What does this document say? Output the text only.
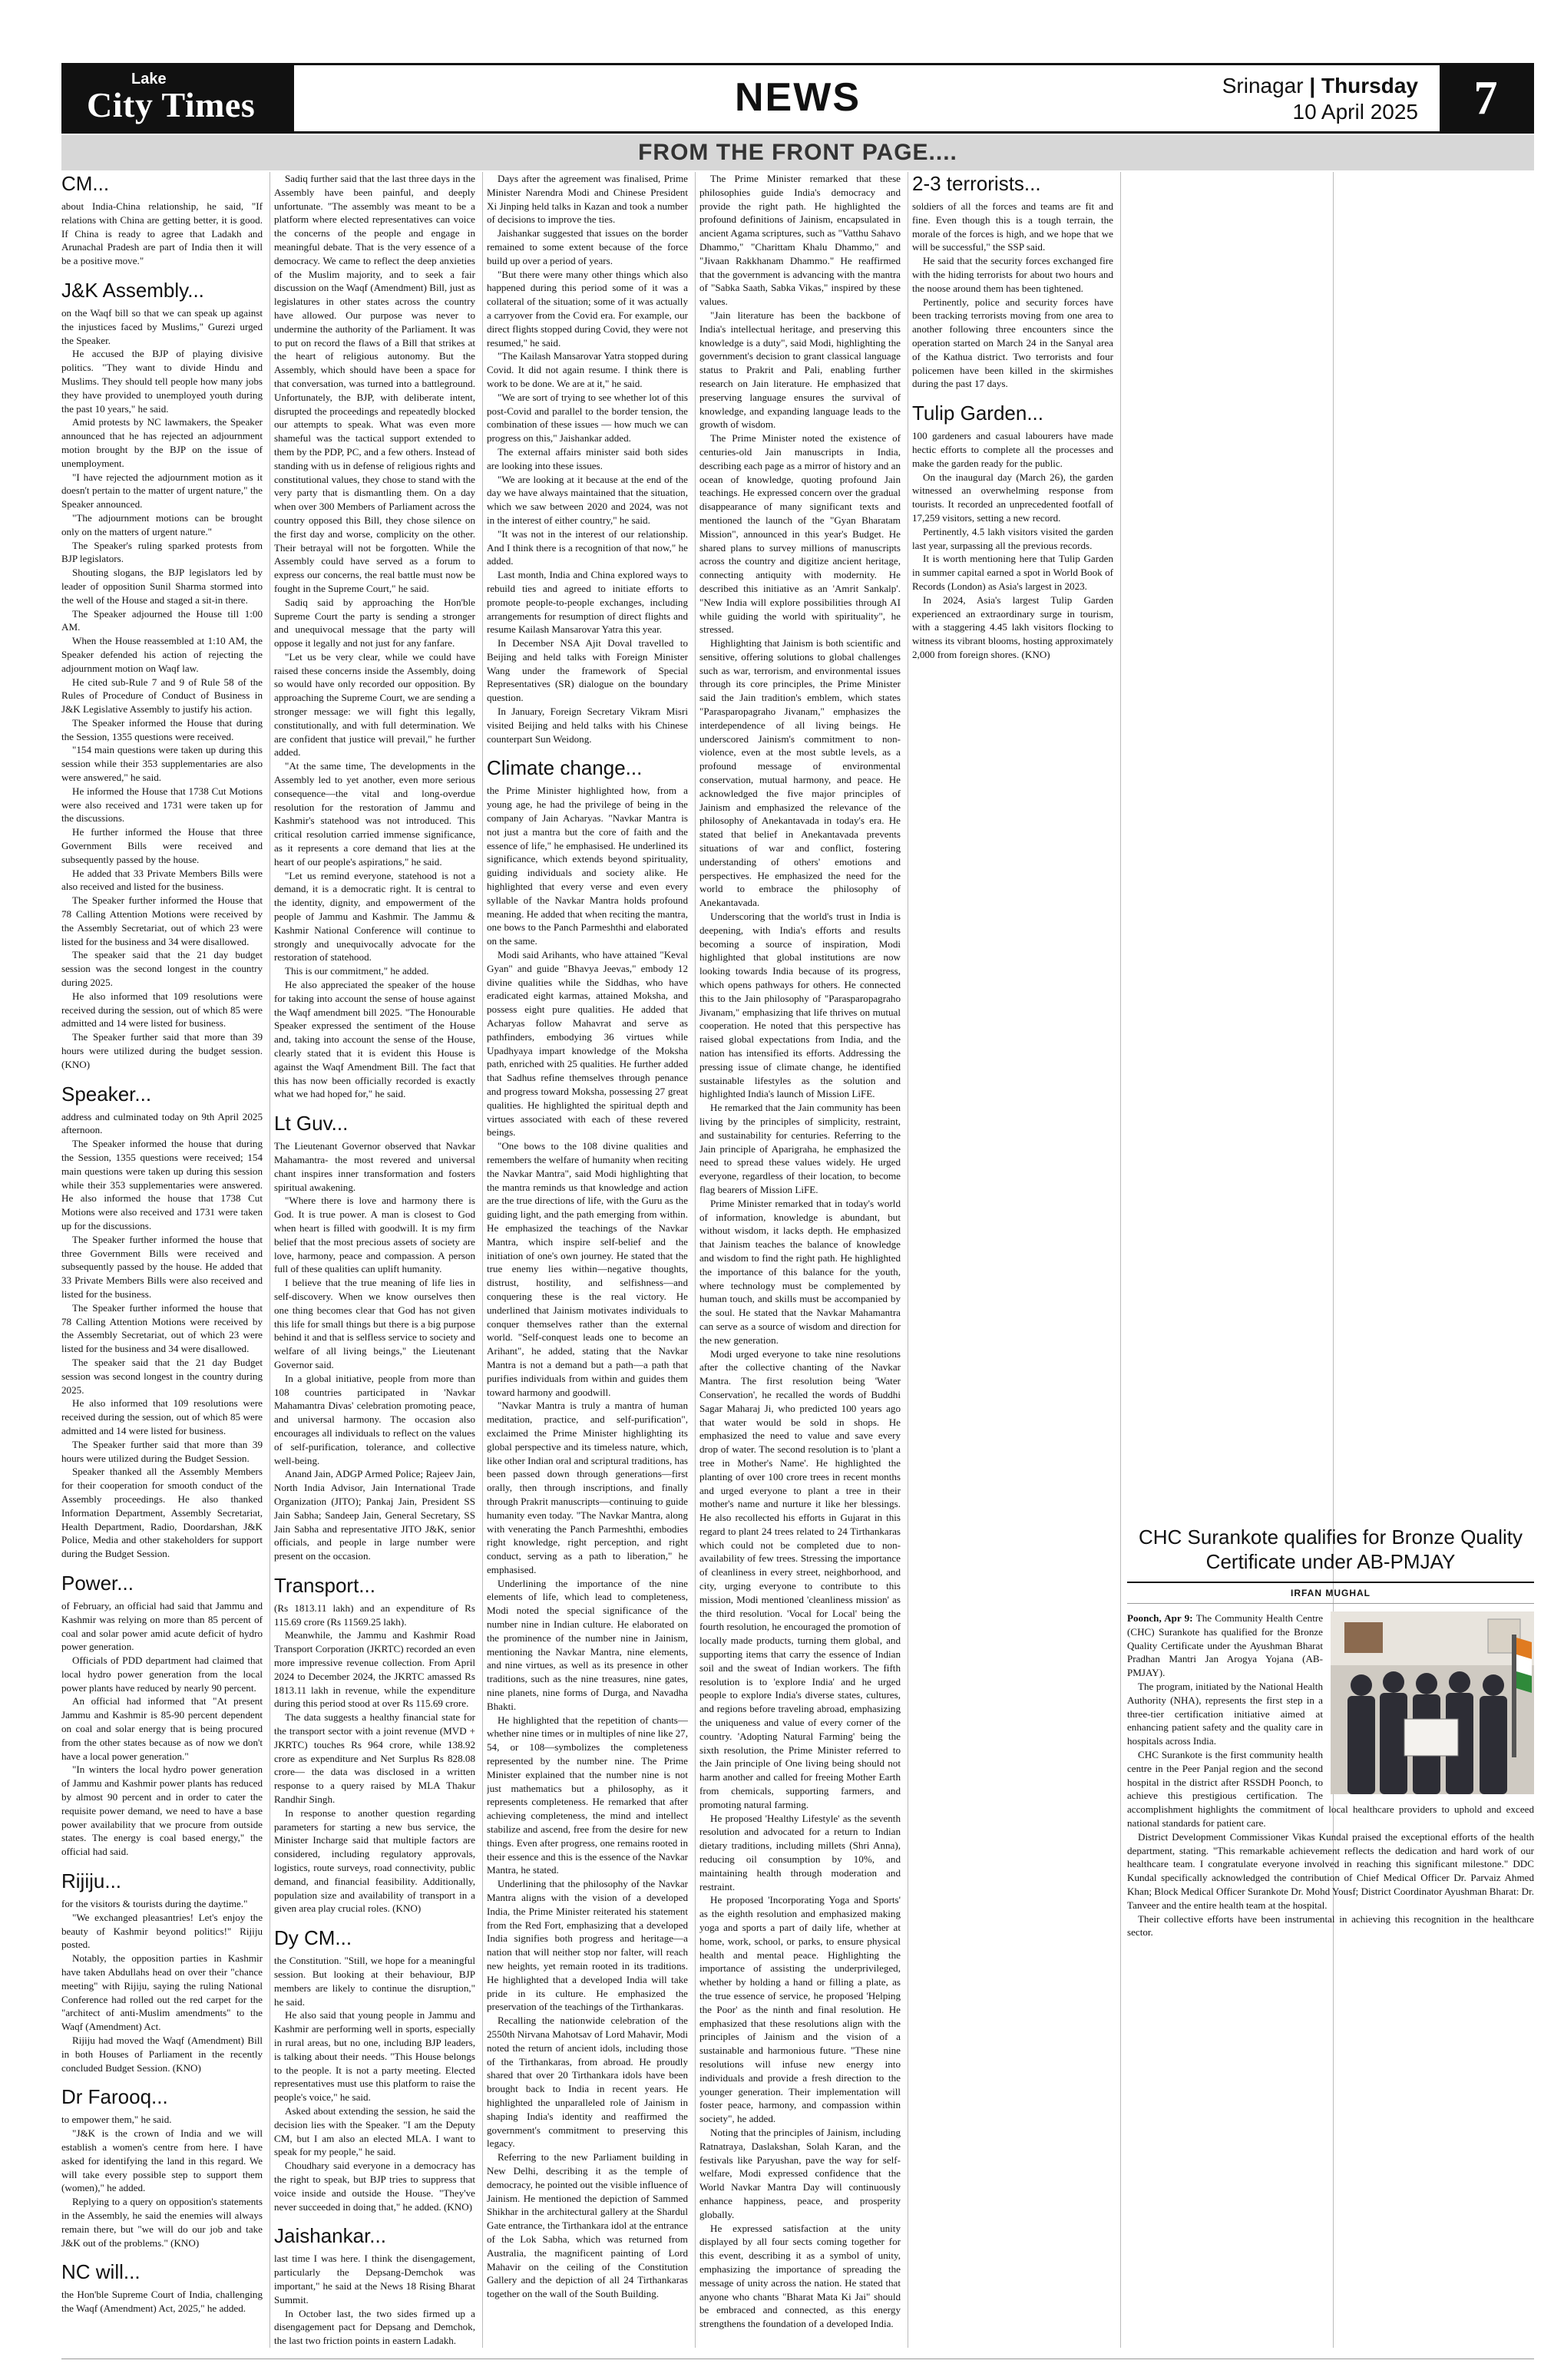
Lake
City Times	NEWS	Srinagar | Thursday
10 April 2025	7
FROM THE FRONT PAGE....
CM...

about India-China relationship, he said, "If relations with China are getting better, it is good. If China is ready to agree that Ladakh and Arunachal Pradesh are part of India then it will be a positive move."

J&K Assembly...

on the Waqf bill so that we can speak up against the injustices faced by Muslims," Gurezi urged the Speaker.

He accused the BJP of playing divisive politics. "They want to divide Hindu and Muslims. They should tell people how many jobs they have provided to unemployed youth during the past 10 years," he said.

Amid protests by NC lawmakers, the Speaker announced that he has rejected an adjournment motion brought by the BJP on the issue of unemployment.

"I have rejected the adjournment motion as it doesn't pertain to the matter of urgent nature," the Speaker announced.

"The adjournment motions can be brought only on the matters of urgent nature."

The Speaker's ruling sparked protests from BJP legislators.

Shouting slogans, the BJP legislators led by leader of opposition Sunil Sharma stormed into the well of the House and staged a sit-in there.

The Speaker adjourned the House till 1:00 AM.

When the House reassembled at 1:10 AM, the Speaker defended his action of rejecting the adjournment motion on Waqf law.

He cited sub-Rule 7 and 9 of Rule 58 of the Rules of Procedure of Conduct of Business in J&K Legislative Assembly to justify his action.

The Speaker informed the House that during the Session, 1355 questions were received.

"154 main questions were taken up during this session while their 353 supplementaries are also were answered," he said.

He informed the House that 1738 Cut Motions were also received and 1731 were taken up for the discussions.

He further informed the House that three Government Bills were received and subsequently passed by the house.

He added that 33 Private Members Bills were also received and listed for the business.

The Speaker further informed the House that 78 Calling Attention Motions were received by the Assembly Secretariat, out of which 23 were listed for the business and 34 were disallowed.

The speaker said that the 21 day budget session was the second longest in the country during 2025.

He also informed that 109 resolutions were received during the session, out of which 85 were admitted and 14 were listed for business.

The Speaker further said that more than 39 hours were utilized during the budget session. (KNO)

Speaker...

address and culminated today on 9th April 2025 afternoon.

The Speaker informed the house that during the Session, 1355 questions were received; 154 main questions were taken up during this session while their 353 supplementaries were answered. He also informed the house that 1738 Cut Motions were also received and 1731 were taken up for the discussions.

The Speaker further informed the house that three Government Bills were received and subsequently passed by the house. He added that 33 Private Members Bills were also received and listed for the business.

The Speaker further informed the house that 78 Calling Attention Motions were received by the Assembly Secretariat, out of which 23 were listed for the business and 34 were disallowed.

The speaker said that the 21 day Budget session was second longest in the country during 2025.

He also informed that 109 resolutions were received during the session, out of which 85 were admitted and 14 were listed for business.

The Speaker further said that more than 39 hours were utilized during the Budget Session.

Speaker thanked all the Assembly Members for their cooperation for smooth conduct of the Assembly proceedings. He also thanked Information Department, Assembly Secretariat, Health Department, Radio, Doordarshan, J&K Police, Media and other stakeholders for support during the Budget Session.

Power...

of February, an official had said that Jammu and Kashmir was relying on more than 85 percent of coal and solar power amid acute deficit of hydro power generation.

Officials of PDD department had claimed that local hydro power generation from the local power plants have reduced by nearly 90 percent.

An official had informed that "At present Jammu and Kashmir is 85-90 percent dependent on coal and solar energy that is being procured from the other states because as of now we don't have a local power generation."

"In winters the local hydro power generation of Jammu and Kashmir power plants has reduced by almost 90 percent and in order to cater the requisite power demand, we need to have a base power availability that we procure from outside states. The energy is coal based energy," the official had said.

Rijiju...

for the visitors & tourists during the daytime."

"We exchanged pleasantries! Let's enjoy the beauty of Kashmir beyond politics!" Rijiju posted.

Notably, the opposition parties in Kashmir have taken Abdullahs head on over their "chance meeting" with Rijiju, saying the ruling National Conference had rolled out the red carpet for the "architect of anti-Muslim amendments" to the Waqf (Amendment) Act.

Rijiju had moved the Waqf (Amendment) Bill in both Houses of Parliament in the recently concluded Budget Session. (KNO)

Dr Farooq...

to empower them," he said.

"J&K is the crown of India and we will establish a women's centre from here. I have asked for identifying the land in this regard. We will take every possible step to support them (women)," he added.

Replying to a query on opposition's statements in the Assembly, he said the enemies will always remain there, but "we will do our job and take J&K out of the problems." (KNO)

NC will...

the Hon'ble Supreme Court of India, challenging the Waqf (Amendment) Act, 2025," he added.

Sadiq further said that the last three days in the Assembly have been painful, and deeply unfortunate. "The assembly was meant to be a platform where elected representatives can voice the concerns of the people and engage in meaningful debate. That is the very essence of a democracy. We came to reflect the deep anxieties of the Muslim majority, and to seek a fair discussion on the Waqf (Amendment) Bill, just as legislatures in other states across the country have allowed. Our purpose was never to undermine the authority of the Parliament. It was to put on record the flaws of a Bill that strikes at the heart of religious autonomy. But the Assembly, which should have been a space for that conversation, was turned into a battleground. Unfortunately, the BJP, with deliberate intent, disrupted the proceedings and repeatedly blocked our attempts to speak. What was even more shameful was the tactical support extended to them by the PDP, PC, and a few others. Instead of standing with us in defense of religious rights and constitutional values, they chose to stand with the very party that is dismantling them. On a day when over 300 Members of Parliament across the country opposed this Bill, they chose silence on the first day and worse, complicity on the other. Their betrayal will not be forgotten. While the Assembly could have served as a forum to express our concerns, the real battle must now be fought in the Supreme Court," he said.

Sadiq said by approaching the Hon'ble Supreme Court the party is sending a stronger and unequivocal message that the party will oppose it legally and not just for any fanfare.

"Let us be very clear, while we could have raised these concerns inside the Assembly, doing so would have only recorded our opposition. By approaching the Supreme Court, we are sending a stronger message: we will fight this legally, constitutionally, and with full determination. We are confident that justice will prevail," he further added.

"At the same time, The developments in the Assembly led to yet another, even more serious consequence—the vital and long-overdue resolution for the restoration of Jammu and Kashmir's statehood was not introduced. This critical resolution carried immense significance, as it represents a core demand that lies at the heart of our people's aspirations," he said.

"Let us remind everyone, statehood is not a demand, it is a democratic right. It is central to the identity, dignity, and empowerment of the people of Jammu and Kashmir. The Jammu & Kashmir National Conference will continue to strongly and unequivocally advocate for the restoration of statehood.

This is our commitment," he added.

He also appreciated the speaker of the house for taking into account the sense of house against the Waqf amendment bill 2025. "The Honourable Speaker expressed the sentiment of the House and, taking into account the sense of the House, clearly stated that it is evident this House is against the Waqf Amendment Bill. The fact that this has now been officially recorded is exactly what we had hoped for," he said.

Lt Guv...

The Lieutenant Governor observed that Navkar Mahamantra- the most revered and universal chant inspires inner transformation and fosters spiritual awakening.

"Where there is love and harmony there is God. It is true power. A man is closest to God when heart is filled with goodwill. It is my firm belief that the most precious assets of society are love, harmony, peace and compassion. A person full of these qualities can uplift humanity.

I believe that the true meaning of life lies in self-discovery. When we know ourselves then one thing becomes clear that God has not given this life for small things but there is a big purpose behind it and that is selfless service to society and welfare of all living beings," the Lieutenant Governor said.

In a global initiative, people from more than 108 countries participated in 'Navkar Mahamantra Divas' celebration promoting peace, and universal harmony. The occasion also encourages all individuals to reflect on the values of self-purification, tolerance, and collective well-being.

Anand Jain, ADGP Armed Police; Rajeev Jain, North India Advisor, Jain International Trade Organization (JITO); Pankaj Jain, President SS Jain Sabha; Sandeep Jain, General Secretary, SS Jain Sabha and representative JITO J&K, senior officials, and people in large number were present on the occasion.

Transport...

(Rs 1813.11 lakh) and an expenditure of Rs 115.69 crore (Rs 11569.25 lakh).

Meanwhile, the Jammu and Kashmir Road Transport Corporation (JKRTC) recorded an even more impressive revenue collection. From April 2024 to December 2024, the JKRTC amassed Rs 1813.11 lakh in revenue, while the expenditure during this period stood at over Rs 115.69 crore.

The data suggests a healthy financial state for the transport sector with a joint revenue (MVD + JKRTC) touches Rs 964 crore, while 138.92 crore as expenditure and Net Surplus Rs 828.08 crore— the data was disclosed in a written response to a query raised by MLA Thakur Randhir Singh.

In response to another question regarding parameters for starting a new bus service, the Minister Incharge said that multiple factors are considered, including regulatory approvals, logistics, route surveys, road connectivity, public demand, and financial feasibility. Additionally, population size and availability of transport in a given area play crucial roles. (KNO)

Dy CM...

the Constitution. "Still, we hope for a meaningful session. But looking at their behaviour, BJP members are likely to continue the disruption," he said.

He also said that young people in Jammu and Kashmir are performing well in sports, especially in rural areas, but no one, including BJP leaders, is talking about their needs. "This House belongs to the people. It is not a party meeting. Elected representatives must use this platform to raise the people's voice," he said.

Asked about extending the session, he said the decision lies with the Speaker. "I am the Deputy CM, but I am also an elected MLA. I want to speak for my people," he said.

Choudhary said everyone in a democracy has the right to speak, but BJP tries to suppress that voice inside and outside the House. "They've never succeeded in doing that," he added. (KNO)

Jaishankar...

last time I was here. I think the disengagement, particularly the Depsang-Demchok was important," he said at the News 18 Rising Bharat Summit.

In October last, the two sides firmed up a disengagement pact for Depsang and Demchok, the last two friction points in eastern Ladakh.

Days after the agreement was finalised, Prime Minister Narendra Modi and Chinese President Xi Jinping held talks in Kazan and took a number of decisions to improve the ties.

Jaishankar suggested that issues on the border remained to some extent because of the force build up over a period of years.

"But there were many other things which also happened during this period some of it was a collateral of the situation; some of it was actually a carryover from the Covid era. For example, our direct flights stopped during Covid, they were not resumed," he said.

"The Kailash Mansarovar Yatra stopped during Covid. It did not again resume. I think there is work to be done. We are at it," he said.

"We are sort of trying to see whether lot of this post-Covid and parallel to the border tension, the combination of these issues — how much we can progress on this," Jaishankar added.

The external affairs minister said both sides are looking into these issues.

"We are looking at it because at the end of the day we have always maintained that the situation, which we saw between 2020 and 2024, was not in the interest of either country," he said.

"It was not in the interest of our relationship. And I think there is a recognition of that now," he added.

Last month, India and China explored ways to rebuild ties and agreed to initiate efforts to promote people-to-people exchanges, including arrangements for resumption of direct flights and resume Kailash Mansarovar Yatra this year.

In December NSA Ajit Doval travelled to Beijing and held talks with Foreign Minister Wang under the framework of Special Representatives (SR) dialogue on the boundary question.

In January, Foreign Secretary Vikram Misri visited Beijing and held talks with his Chinese counterpart Sun Weidong.

Climate change...

the Prime Minister highlighted how, from a young age, he had the privilege of being in the company of Jain Acharyas. "Navkar Mantra is not just a mantra but the core of faith and the essence of life," he emphasised. He underlined its significance, which extends beyond spirituality, guiding individuals and society alike. He highlighted that every verse and even every syllable of the Navkar Mantra holds profound meaning. He added that when reciting the mantra, one bows to the Panch Parmeshthi and elaborated on the same.

Modi said Arihants, who have attained "Keval Gyan" and guide "Bhavya Jeevas," embody 12 divine qualities while the Siddhas, who have eradicated eight karmas, attained Moksha, and possess eight pure qualities. He added that Acharyas follow Mahavrat and serve as pathfinders, embodying 36 virtues while Upadhyaya impart knowledge of the Moksha path, enriched with 25 qualities. He further added that Sadhus refine themselves through penance and progress toward Moksha, possessing 27 great qualities. He highlighted the spiritual depth and virtues associated with each of these revered beings.

"One bows to the 108 divine qualities and remembers the welfare of humanity when reciting the Navkar Mantra", said Modi highlighting that the mantra reminds us that knowledge and action are the true directions of life, with the Guru as the guiding light, and the path emerging from within. He emphasized the teachings of the Navkar Mantra, which inspire self-belief and the initiation of one's own journey. He stated that the true enemy lies within—negative thoughts, distrust, hostility, and selfishness—and conquering these is the real victory. He underlined that Jainism motivates individuals to conquer themselves rather than the external world. "Self-conquest leads one to become an Arihant", he added, stating that the Navkar Mantra is not a demand but a path—a path that purifies individuals from within and guides them toward harmony and goodwill.

"Navkar Mantra is truly a mantra of human meditation, practice, and self-purification", exclaimed the Prime Minister highlighting its global perspective and its timeless nature, which, like other Indian oral and scriptural traditions, has been passed down through generations—first orally, then through inscriptions, and finally through Prakrit manuscripts—continuing to guide humanity even today. "The Navkar Mantra, along with venerating the Panch Parmeshthi, embodies right knowledge, right perception, and right conduct, serving as a path to liberation," he emphasised.

Underlining the importance of the nine elements of life, which lead to completeness, Modi noted the special significance of the number nine in Indian culture. He elaborated on the prominence of the number nine in Jainism, mentioning the Navkar Mantra, nine elements, and nine virtues, as well as its presence in other traditions, such as the nine treasures, nine gates, nine planets, nine forms of Durga, and Navadha Bhakti.

He highlighted that the repetition of chants—whether nine times or in multiples of nine like 27, 54, or 108—symbolizes the completeness represented by the number nine. The Prime Minister explained that the number nine is not just mathematics but a philosophy, as it represents completeness. He remarked that after achieving completeness, the mind and intellect stabilize and ascend, free from the desire for new things. Even after progress, one remains rooted in their essence and this is the essence of the Navkar Mantra, he stated.

Underlining that the philosophy of the Navkar Mantra aligns with the vision of a developed India, the Prime Minister reiterated his statement from the Red Fort, emphasizing that a developed India signifies both progress and heritage—a nation that will neither stop nor falter, will reach new heights, yet remain rooted in its traditions. He highlighted that a developed India will take pride in its culture. He emphasized the preservation of the teachings of the Tirthankaras.

Recalling the nationwide celebration of the 2550th Nirvana Mahotsav of Lord Mahavir, Modi noted the return of ancient idols, including those of the Tirthankaras, from abroad. He proudly shared that over 20 Tirthankara idols have been brought back to India in recent years. He highlighted the unparalleled role of Jainism in shaping India's identity and reaffirmed the government's commitment to preserving this legacy.

Referring to the new Parliament building in New Delhi, describing it as the temple of democracy, he pointed out the visible influence of Jainism. He mentioned the depiction of Sammed Shikhar in the architectural gallery at the Shardul Gate entrance, the Tirthankara idol at the entrance of the Lok Sabha, which was returned from Australia, the magnificent painting of Lord Mahavir on the ceiling of the Constitution Gallery and the depiction of all 24 Tirthankaras together on the wall of the South Building.

The Prime Minister remarked that these philosophies guide India's democracy and provide the right path. He highlighted the profound definitions of Jainism, encapsulated in ancient Agama scriptures, such as "Vatthu Sahavo Dhammo," "Charittam Khalu Dhammo," and "Jivaan Rakkhanam Dhammo." He reaffirmed that the government is advancing with the mantra of "Sabka Saath, Sabka Vikas," inspired by these values.

"Jain literature has been the backbone of India's intellectual heritage, and preserving this knowledge is a duty", said Modi, highlighting the government's decision to grant classical language status to Prakrit and Pali, enabling further research on Jain literature. He emphasized that preserving language ensures the survival of knowledge, and expanding language leads to the growth of wisdom.

The Prime Minister noted the existence of centuries-old Jain manuscripts in India, describing each page as a mirror of history and an ocean of knowledge, quoting profound Jain teachings. He expressed concern over the gradual disappearance of many significant texts and mentioned the launch of the "Gyan Bharatam Mission", announced in this year's Budget. He shared plans to survey millions of manuscripts across the country and digitize ancient heritage, connecting antiquity with modernity. He described this initiative as an 'Amrit Sankalp'. "New India will explore possibilities through AI while guiding the world with spirituality", he stressed.

Highlighting that Jainism is both scientific and sensitive, offering solutions to global challenges such as war, terrorism, and environmental issues through its core principles, the Prime Minister said the Jain tradition's emblem, which states "Parasparopagraho Jivanam," emphasizes the interdependence of all living beings. He underscored Jainism's commitment to non-violence, even at the most subtle levels, as a profound message of environmental conservation, mutual harmony, and peace. He acknowledged the five major principles of Jainism and emphasized the relevance of the philosophy of Anekantavada in today's era. He stated that belief in Anekantavada prevents situations of war and conflict, fostering understanding of others' emotions and perspectives. He emphasized the need for the world to embrace the philosophy of Anekantavada.

Underscoring that the world's trust in India is deepening, with India's efforts and results becoming a source of inspiration, Modi highlighted that global institutions are now looking towards India because of its progress, which opens pathways for others. He connected this to the Jain philosophy of "Parasparopagraho Jivanam," emphasizing that life thrives on mutual cooperation. He noted that this perspective has raised global expectations from India, and the nation has intensified its efforts. Addressing the pressing issue of climate change, he identified sustainable lifestyles as the solution and highlighted India's launch of Mission LiFE.

He remarked that the Jain community has been living by the principles of simplicity, restraint, and sustainability for centuries. Referring to the Jain principle of Aparigraha, he emphasized the need to spread these values widely. He urged everyone, regardless of their location, to become flag bearers of Mission LiFE.

Prime Minister remarked that in today's world of information, knowledge is abundant, but without wisdom, it lacks depth. He emphasized that Jainism teaches the balance of knowledge and wisdom to find the right path. He highlighted the importance of this balance for the youth, where technology must be complemented by human touch, and skills must be accompanied by the soul. He stated that the Navkar Mahamantra can serve as a source of wisdom and direction for the new generation.

Modi urged everyone to take nine resolutions after the collective chanting of the Navkar Mantra. The first resolution being 'Water Conservation', he recalled the words of Buddhi Sagar Maharaj Ji, who predicted 100 years ago that water would be sold in shops. He emphasized the need to value and save every drop of water. The second resolution is to 'plant a tree in Mother's Name'. He highlighted the planting of over 100 crore trees in recent months and urged everyone to plant a tree in their mother's name and nurture it like her blessings. He also recollected his efforts in Gujarat in this regard to plant 24 trees related to 24 Tirthankaras which could not be completed due to non-availability of few trees. Stressing the importance of cleanliness in every street, neighborhood, and city, urging everyone to contribute to this mission, Modi mentioned 'cleanliness mission' as the third resolution. 'Vocal for Local' being the fourth resolution, he encouraged the promotion of locally made products, turning them global, and supporting items that carry the essence of Indian soil and the sweat of Indian workers. The fifth resolution is to 'explore India' and he urged people to explore India's diverse states, cultures, and regions before traveling abroad, emphasizing the uniqueness and value of every corner of the country. 'Adopting Natural Farming' being the sixth resolution, the Prime Minister referred to the Jain principle of One living being should not harm another and called for freeing Mother Earth from chemicals, supporting farmers, and promoting natural farming.

He proposed 'Healthy Lifestyle' as the seventh resolution and advocated for a return to Indian dietary traditions, including millets (Shri Anna), reducing oil consumption by 10%, and maintaining health through moderation and restraint.

He proposed 'Incorporating Yoga and Sports' as the eighth resolution and emphasized making yoga and sports a part of daily life, whether at home, work, school, or parks, to ensure physical health and mental peace. Highlighting the importance of assisting the underprivileged, whether by holding a hand or filling a plate, as the true essence of service, he proposed 'Helping the Poor' as the ninth and final resolution. He emphasized that these resolutions align with the principles of Jainism and the vision of a sustainable and harmonious future. "These nine resolutions will infuse new energy into individuals and provide a fresh direction to the younger generation. Their implementation will foster peace, harmony, and compassion within society", he added.

Noting that the principles of Jainism, including Ratnatraya, Daslakshan, Solah Karan, and the festivals like Paryushan, pave the way for self-welfare, Modi expressed confidence that the World Navkar Mantra Day will continuously enhance happiness, peace, and prosperity globally.

He expressed satisfaction at the unity displayed by all four sects coming together for this event, describing it as a symbol of unity, emphasizing the importance of spreading the message of unity across the nation. He stated that anyone who chants "Bharat Mata Ki Jai" should be embraced and connected, as this energy strengthens the foundation of a developed India.

2-3 terrorists...

soldiers of all the forces and teams are fit and fine. Even though this is a tough terrain, the morale of the forces is high, and we hope that we will be successful," the SSP said.

He said that the security forces exchanged fire with the hiding terrorists for about two hours and the noose around them has been tightened.

Pertinently, police and security forces have been tracking terrorists moving from one area to another following three encounters since the operation started on March 24 in the Sanyal area of the Kathua district. Two terrorists and four policemen have been killed in the skirmishes during the past 17 days.

Tulip Garden...

100 gardeners and casual labourers have made hectic efforts to complete all the processes and make the garden ready for the public.

On the inaugural day (March 26), the garden witnessed an overwhelming response from tourists. It recorded an unprecedented footfall of 17,259 visitors, setting a new record.

Pertinently, 4.5 lakh visitors visited the garden last year, surpassing all the previous records.

It is worth mentioning here that Tulip Garden in summer capital earned a spot in World Book of Records (London) as Asia's largest in 2023.

In 2024, Asia's largest Tulip Garden experienced an extraordinary surge in tourism, with a staggering 4.45 lakh visitors flocking to witness its vibrant blooms, hosting approximately 2,000 from foreign shores. (KNO)

CHC Surankote qualifies for Bronze Quality Certificate under AB-PMJAY
IRFAN MUGHAL

Poonch, Apr 9: The Community Health Centre (CHC) Surankote has qualified for the Bronze Quality Certificate under the Ayushman Bharat Pradhan Mantri Jan Arogya Yojana (AB-PMJAY).

The program, initiated by the National Health Authority (NHA), represents the first step in a three-tier certification initiative aimed at enhancing patient safety and the quality care in hospitals across India.

CHC Surankote is the first community health centre in the Peer Panjal region and the second hospital in the district after RSSDH Poonch, to achieve this prestigious certification. The accomplishment highlights the commitment of local healthcare providers to uphold and exceed national standards for patient care.

District Development Commissioner Vikas Kundal praised the exceptional efforts of the health department, stating. "This remarkable achievement reflects the dedication and hard work of our healthcare team. I congratulate everyone involved in reaching this significant milestone." DDC Kundal specifically acknowledged the contribution of Chief Medical Officer Dr. Parvaiz Ahmed Khan; Block Medical Officer Surankote Dr. Mohd Yousf; District Coordinator Ayushman Bharat: Dr. Tanveer and the entire health team at the hospital.

Their collective efforts have been instrumental in achieving this recognition in the healthcare sector.
